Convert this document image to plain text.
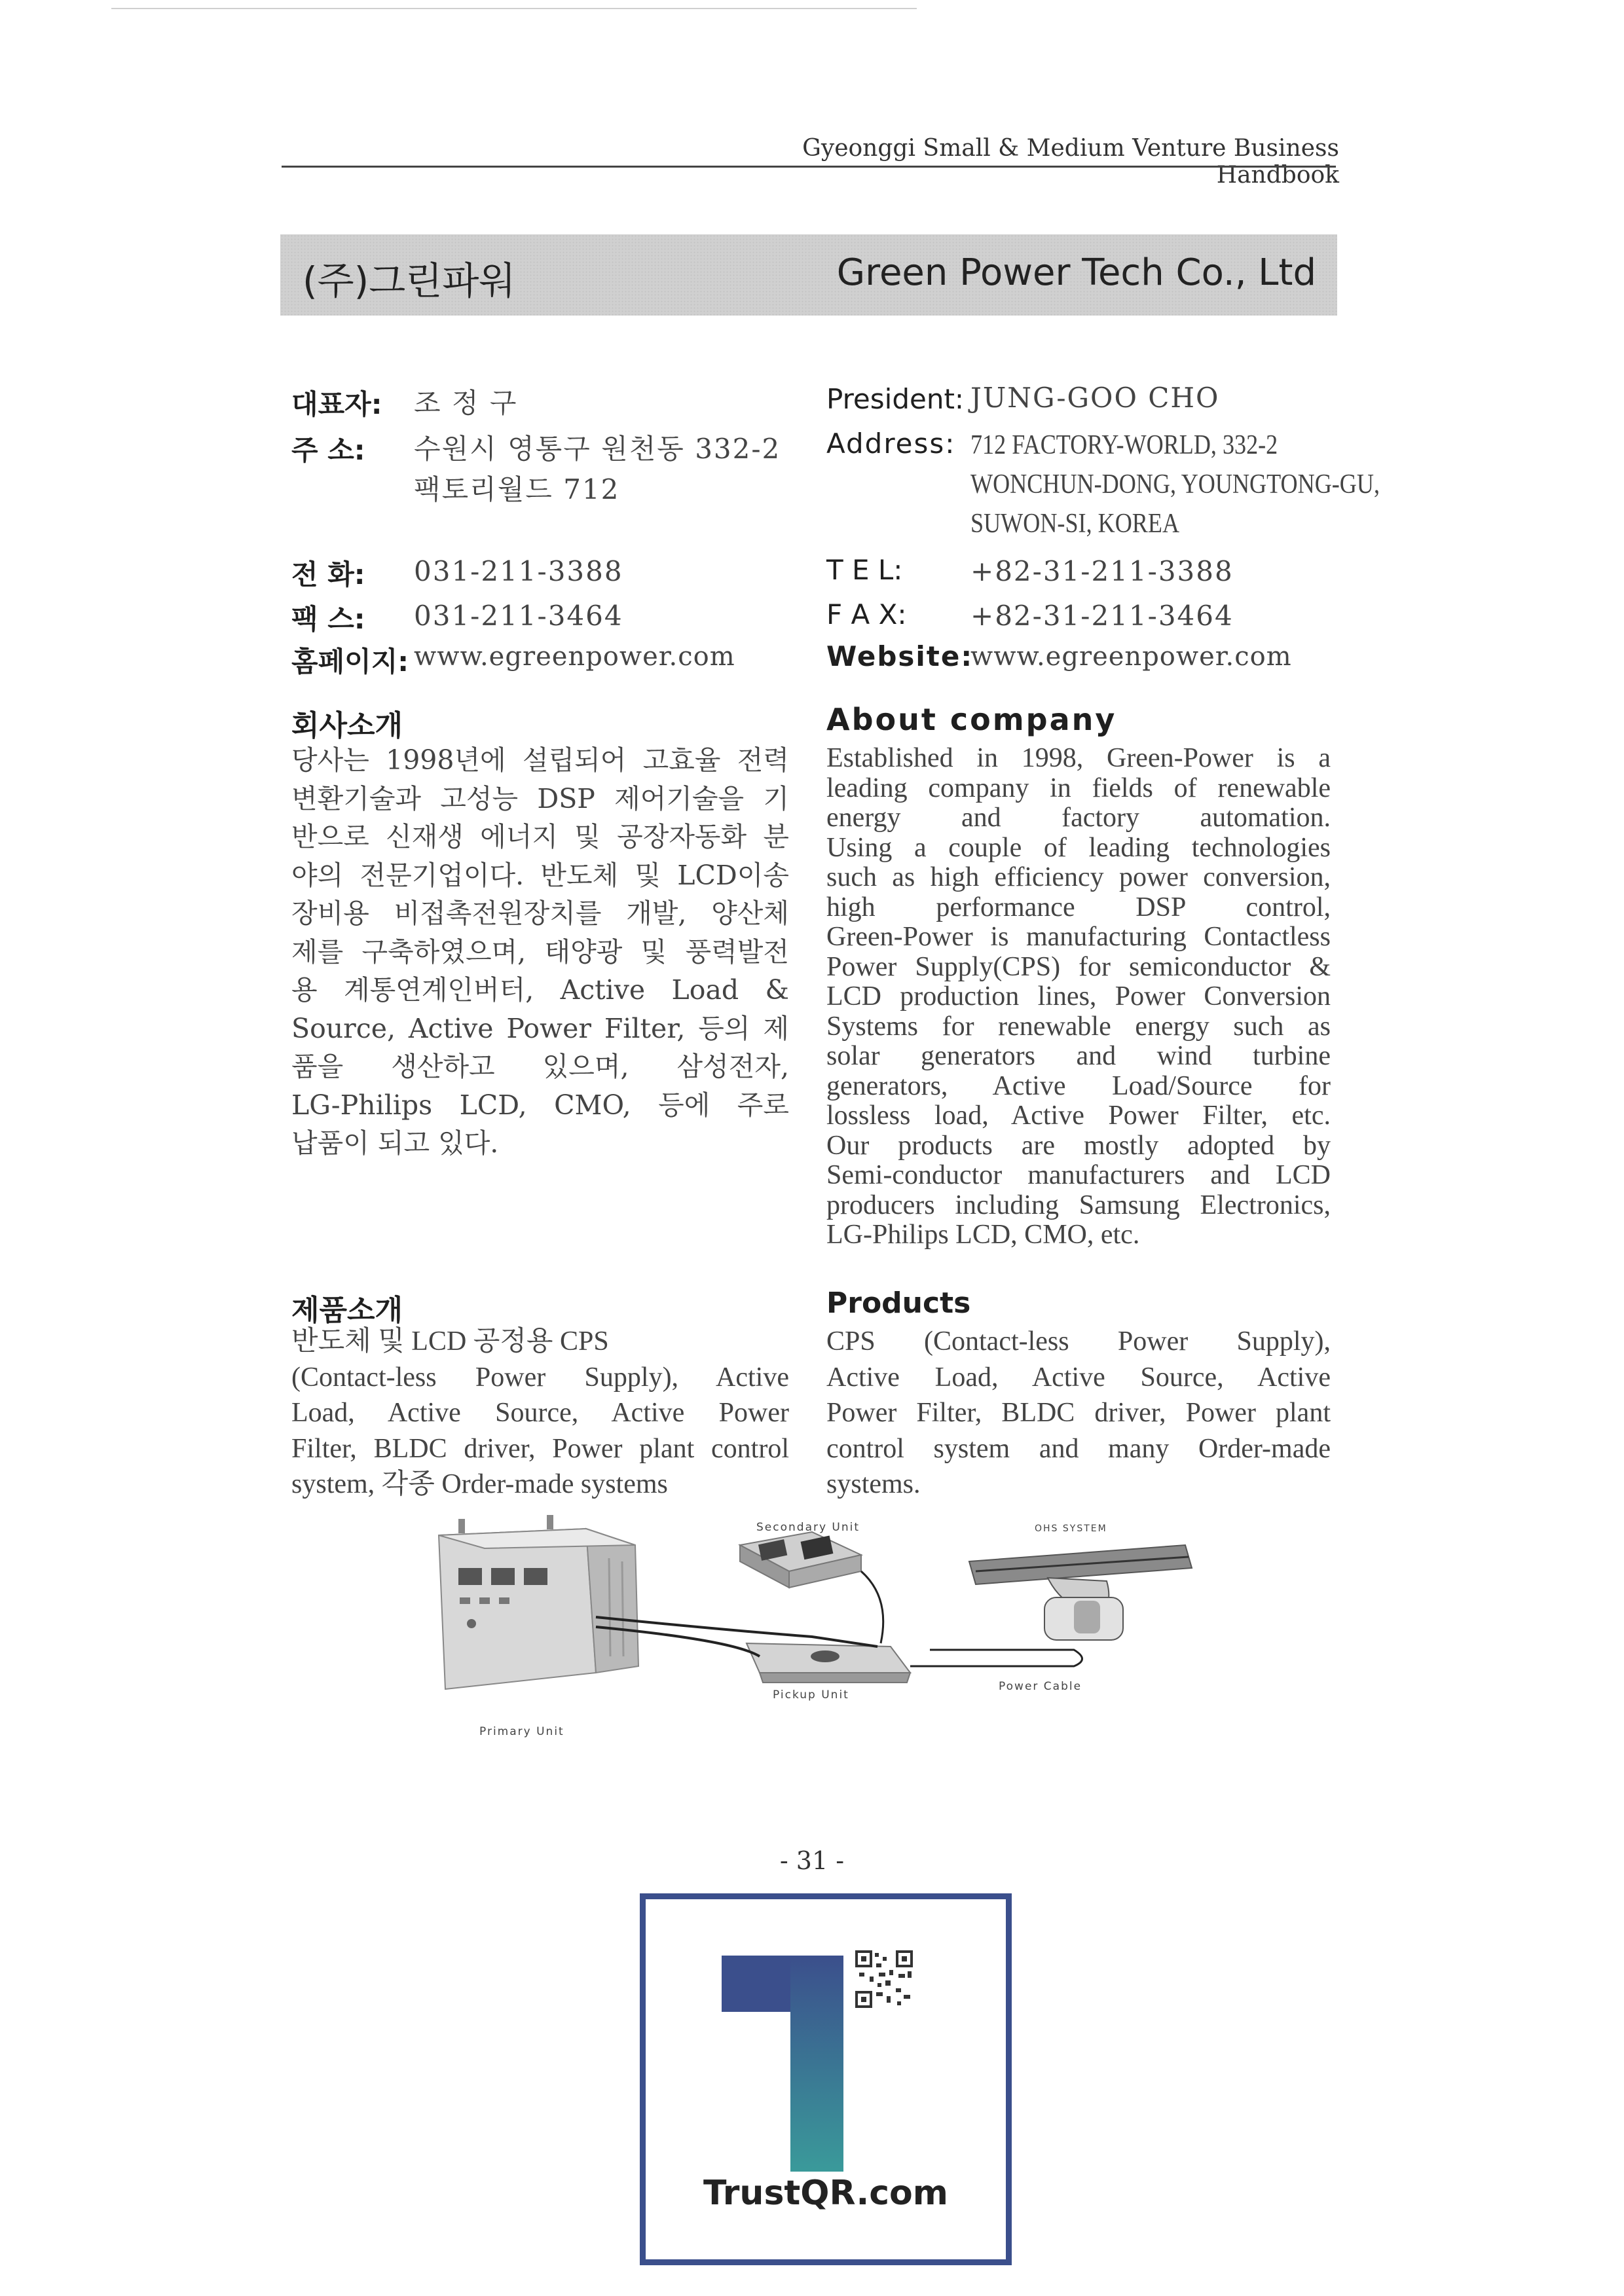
Gyeonggi Small & Medium Venture Business Handbook
(주)그린파워	Green Power Tech Co., Ltd
대표자: 조 정 구
주 소: 수원시 영통구 원천동 332-2
팩토리월드 712
전 화: 031-211-3388
팩 스: 031-211-3464
홈페이지: www.egreenpower.com
President: JUNG-GOO CHO
Address: 712 FACTORY-WORLD, 332-2
WONCHUN-DONG, YOUNGTONG-GU,
SUWON-SI, KOREA
T E L: +82-31-211-3388
F A X: +82-31-211-3464
Website:
www.egreenpower.com
회사소개
당사는 1998년에 설립되어 고효율 전력
변환기술과 고성능 DSP 제어기술을 기
반으로 신재생 에너지 및 공장자동화 분
야의 전문기업이다. 반도체 및 LCD이송
장비용 비접촉전원장치를 개발, 양산체
제를 구축하였으며, 태양광 및 풍력발전
용 계통연계인버터, Active Load &
Source, Active Power Filter, 등의 제
품을 생산하고 있으며, 삼성전자,
LG-Philips LCD, CMO, 등에 주로
납품이 되고 있다.
About company
Established in 1998, Green-Power is a
leading company in fields of renewable
energy and factory automation.
Using a couple of leading technologies
such as high efficiency power conversion,
high performance DSP control,
Green-Power is manufacturing Contactless
Power Supply(CPS) for semiconductor &
LCD production lines, Power Conversion
Systems for renewable energy such as
solar generators and wind turbine
generators, Active Load/Source for
lossless load, Active Power Filter, etc.
Our products are mostly adopted by
Semi-conductor manufacturers and LCD
producers including Samsung Electronics,
LG-Philips LCD, CMO, etc.
제품소개
반도체 및 LCD 공정용 CPS
(Contact-less Power Supply), Active
Load, Active Source, Active Power
Filter, BLDC driver, Power plant control
system, 각종 Order-made systems
Products
CPS (Contact-less Power Supply),
Active Load, Active Source, Active
Power Filter, BLDC driver, Power plant
control system and many Order-made
systems.
Secondary Unit	OHS SYSTEM
Pickup Unit
Power Cable
Primary Unit
- 31 -
TrustQR.com
